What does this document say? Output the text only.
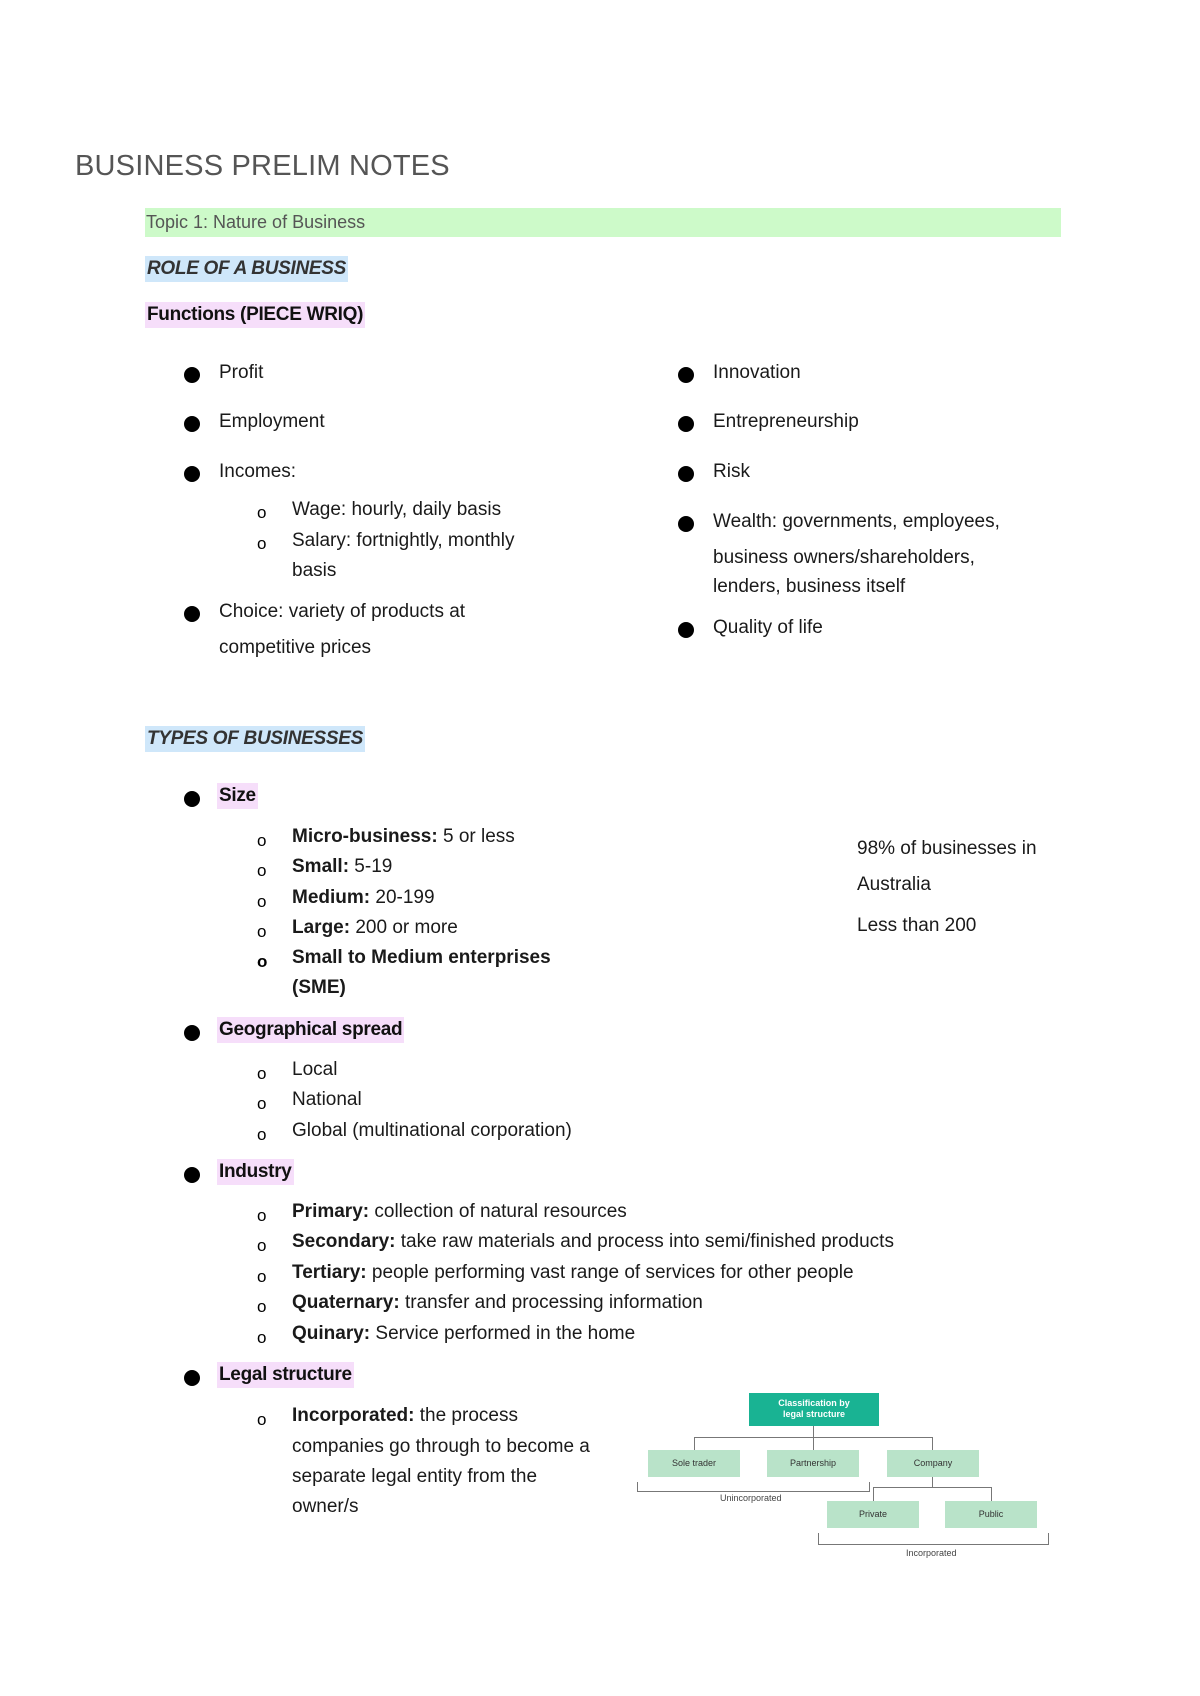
BUSINESS PRELIM NOTES
Topic 1: Nature of Business
ROLE OF A BUSINESS
Functions (PIECE WRIQ)
Profit
Employment
Incomes:
o Wage: hourly, daily basis
o Salary: fortnightly, monthly
basis
Choice: variety of products at
competitive prices
Innovation
Entrepreneurship
Risk
Wealth: governments, employees,
business owners/shareholders,
lenders, business itself
Quality of life
TYPES OF BUSINESSES
Size
o Micro-business: 5 or less
o Small: 5-19
o Medium: 20-199
o Large: 200 or more
o Small to Medium enterprises
(SME)
98% of businesses in
Australia
Less than 200
Geographical spread
o Local
o National
o Global (multinational corporation)
Industry
o Primary: collection of natural resources
o Secondary: take raw materials and process into semi/finished products
o Tertiary: people performing vast range of services for other people
o Quaternary: transfer and processing information
o Quinary: Service performed in the home
Legal structure
o Incorporated: the process
companies go through to become a
separate legal entity from the
owner/s
Classification by
legal structure
Sole trader	Partnership	Company
Unincorporated
Private	Public
Incorporated
